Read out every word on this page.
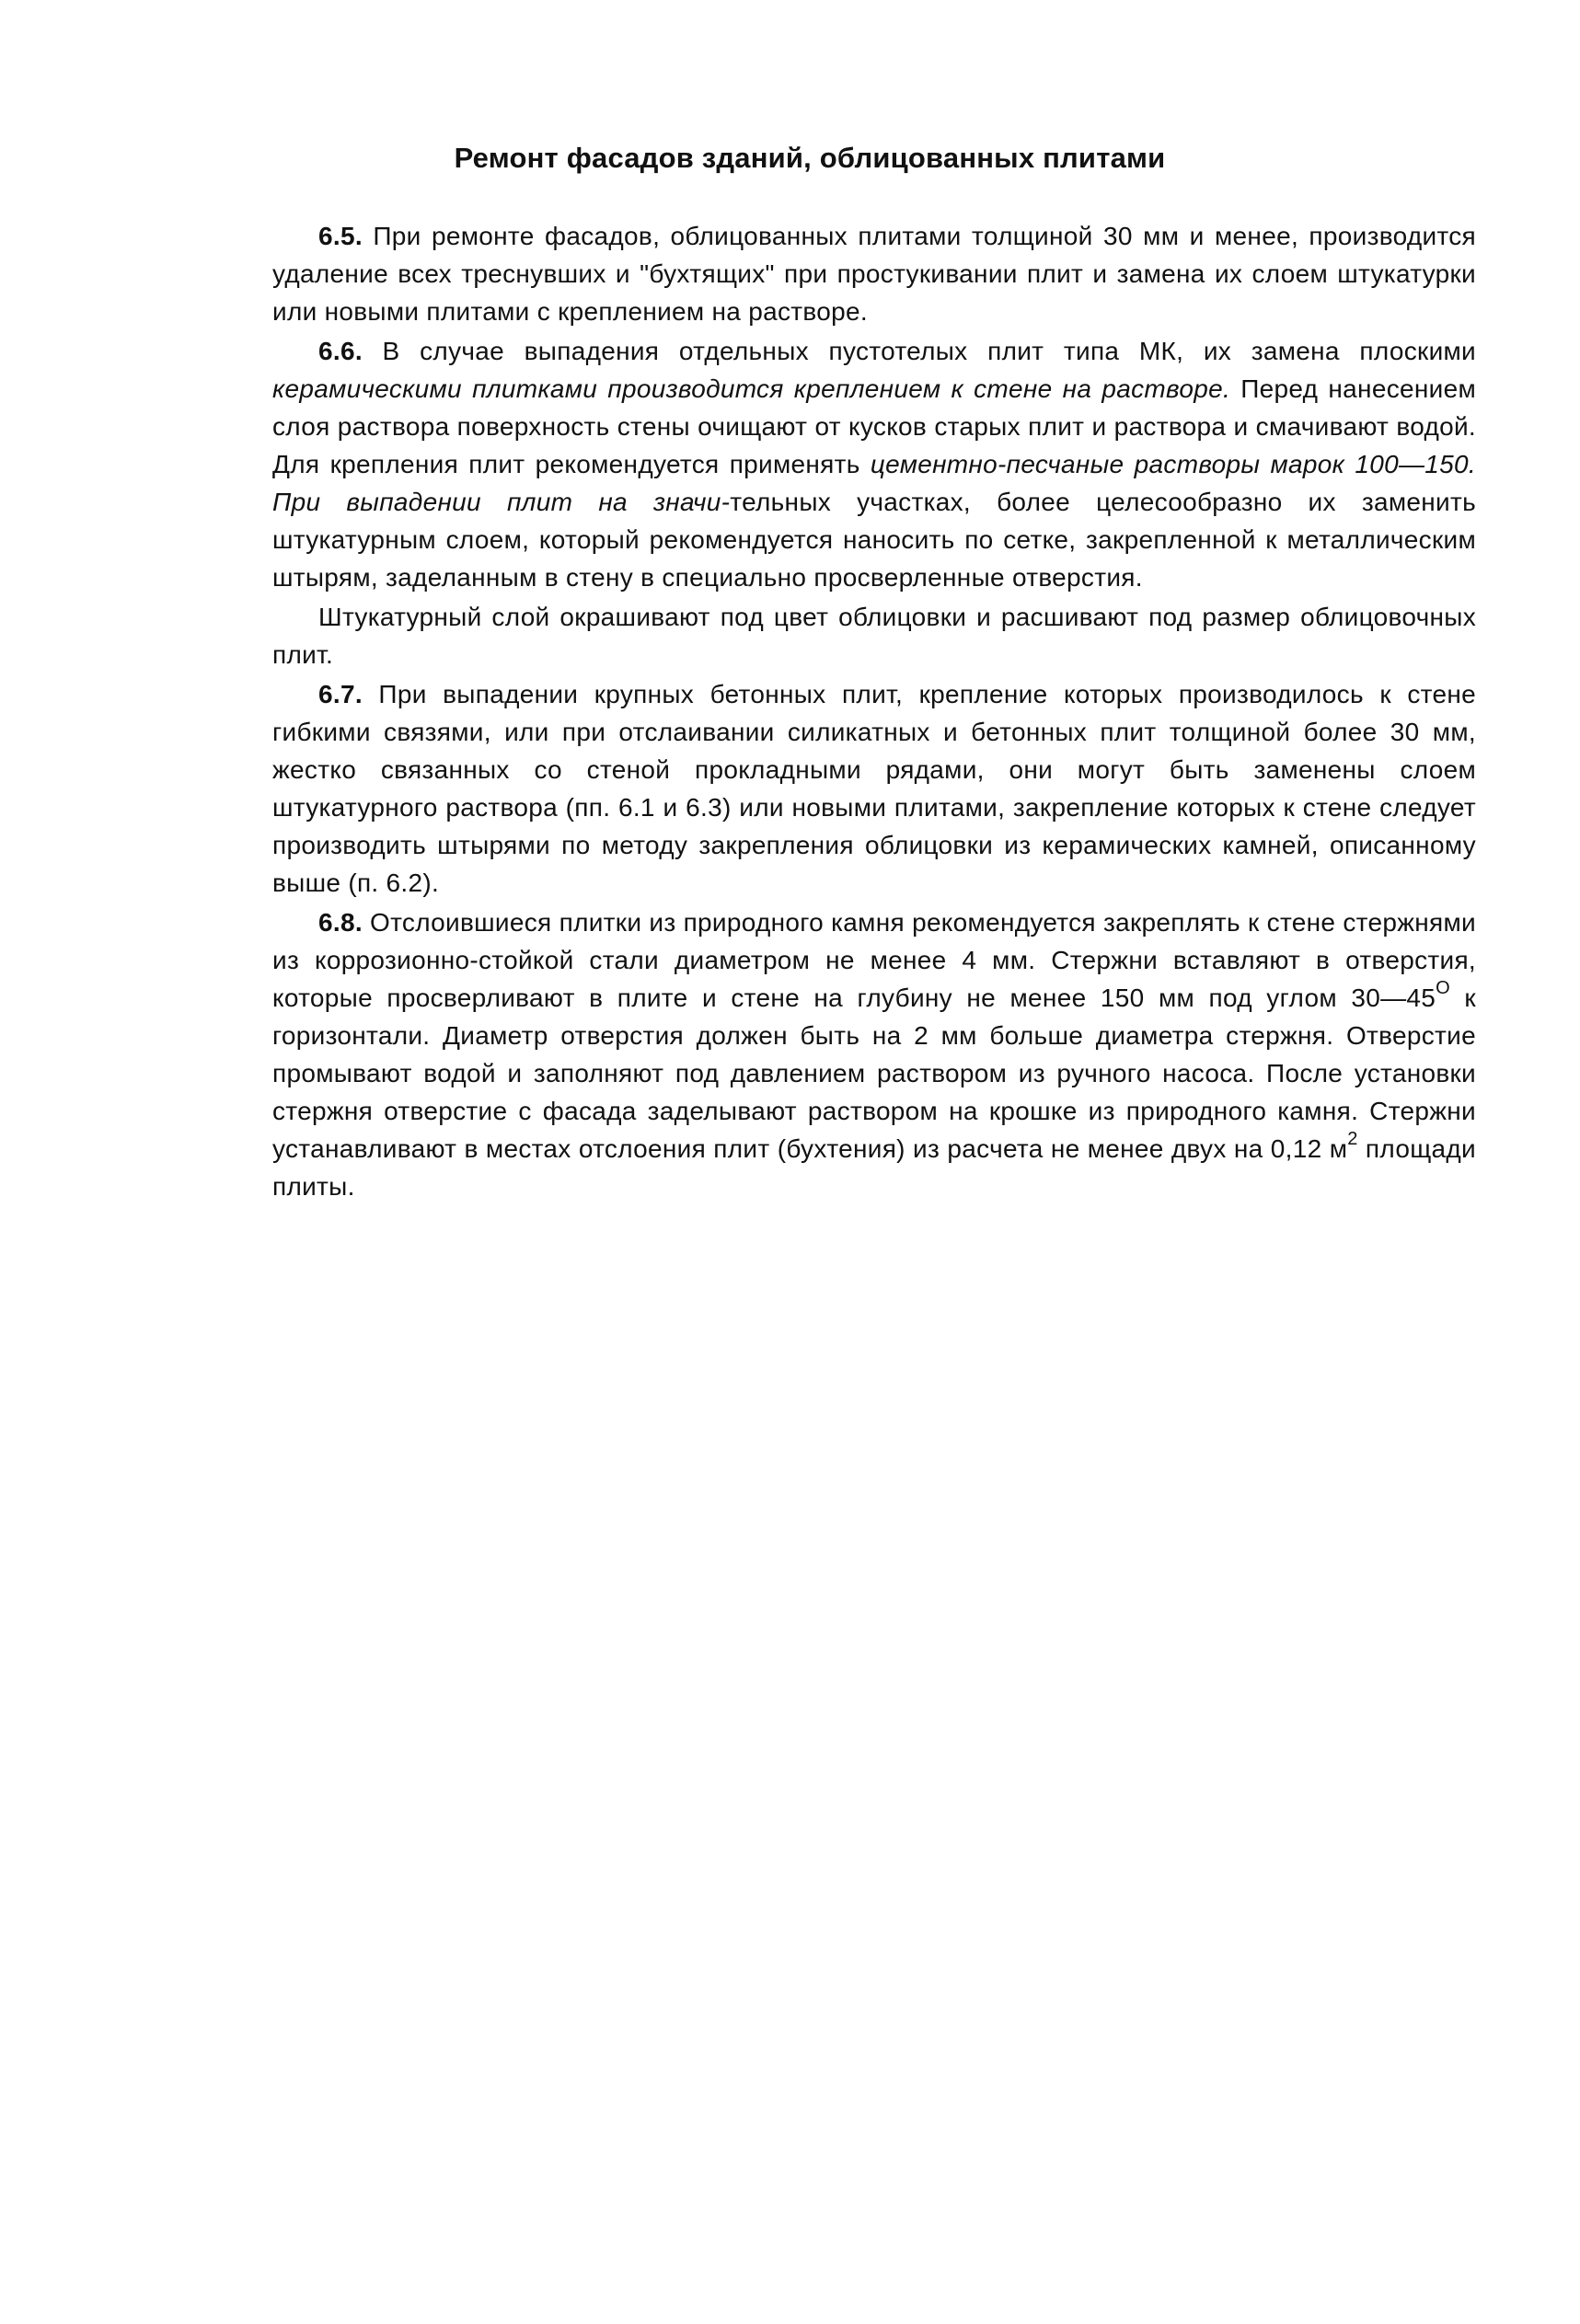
Ремонт фасадов зданий, облицованных плитами

6.5. При ремонте фасадов, облицованных плитами толщиной 30 мм и менее, производится удаление всех треснувших и "бухтящих" при простукивании плит и замена их слоем штукатурки или новыми плитами с креплением на растворе.

6.6. В случае выпадения отдельных пустотелых плит типа МК, их замена плоскими керамическими плитками производится креплением к стене на растворе. Перед нанесением слоя раствора поверхность стены очищают от кусков старых плит и раствора и смачивают водой. Для крепления плит рекомендуется применять цементно-песчаные растворы марок 100—150. При выпадении плит на значи-тельных участках, более целесообразно их заменить штукатурным слоем, который рекомендуется наносить по сетке, закрепленной к металлическим штырям, заделанным в стену в специально просверленные отверстия.

Штукатурный слой окрашивают под цвет облицовки и расшивают под размер облицовочных плит.

6.7. При выпадении крупных бетонных плит, крепление которых производилось к стене гибкими связями, или при отслаивании силикатных и бетонных плит толщиной более 30 мм, жестко связанных со стеной прокладными рядами, они могут быть заменены слоем штукатурного раствора (пп. 6.1 и 6.3) или новыми плитами, закрепление которых к стене следует производить штырями по методу закрепления облицовки из керамических камней, описанному выше (п. 6.2).

6.8. Отслоившиеся плитки из природного камня рекомендуется закреплять к стене стержнями из коррозионно-стойкой стали диаметром не менее 4 мм. Стержни вставляют в отверстия, которые просверливают в плите и стене на глубину не менее 150 мм под углом $30—45^О$ к горизонтали. Диаметр отверстия должен быть на 2 мм больше диаметра стержня. Отверстие промывают водой и заполняют под давлением раствором из ручного насоса. После установки стержня отверстие с фасада заделывают раствором на крошке из природного камня. Стержни устанавливают в местах отслоения плит (бухтения) из расчета не менее двух на 0,12 $м^2$ площади плиты.
